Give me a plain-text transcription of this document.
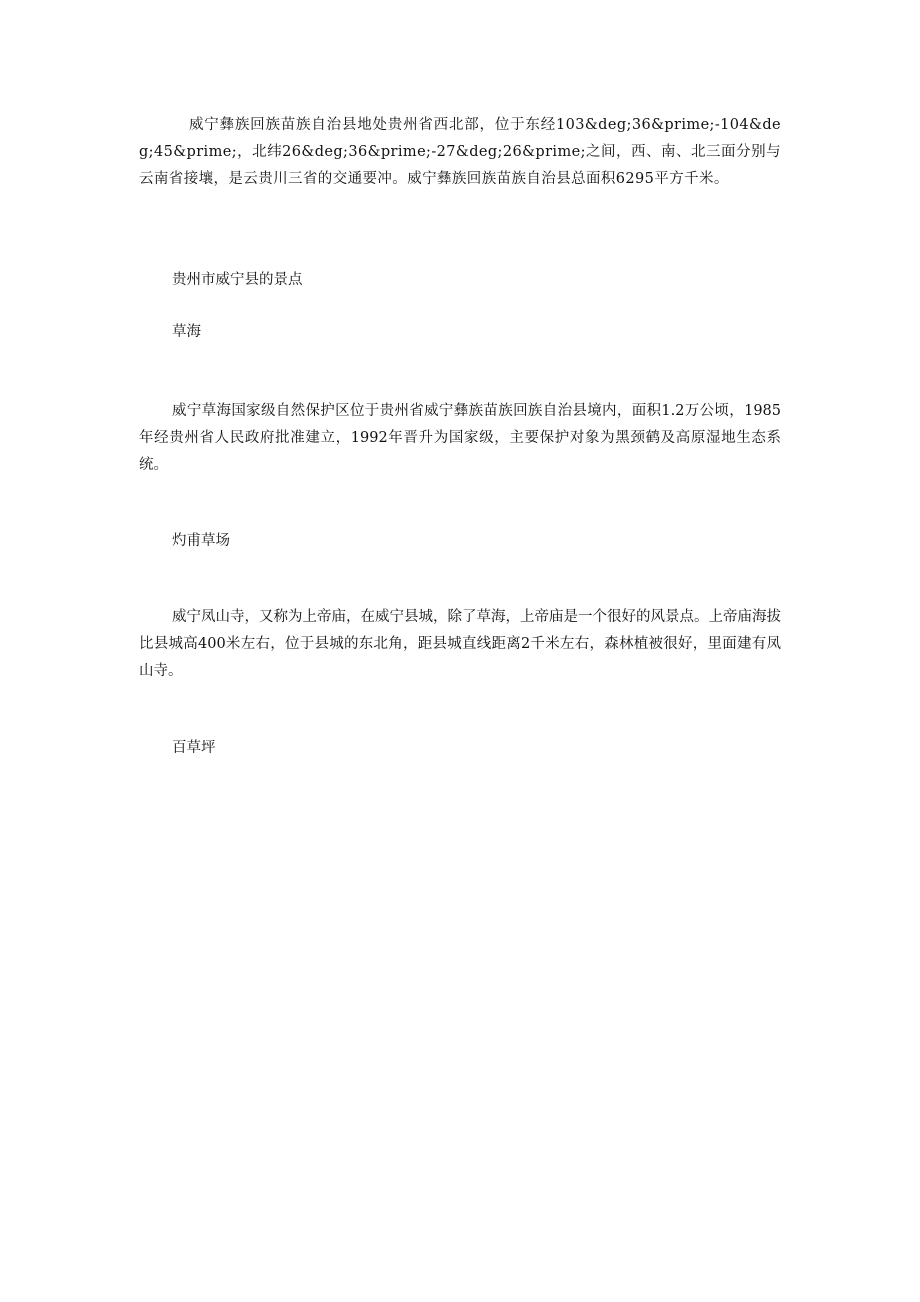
威宁彝族回族苗族自治县地处贵州省西北部，位于东经103&deg;36&prime;-104&deg;45&prime;，北纬26&deg;36&prime;-27&deg;26&prime;之间，西、南、北三面分别与云南省接壤，是云贵川三省的交通要冲。威宁彝族回族苗族自治县总面积6295平方千米。

贵州市威宁县的景点

草海

威宁草海国家级自然保护区位于贵州省威宁彝族苗族回族自治县境内，面积1.2万公顷，1985年经贵州省人民政府批准建立，1992年晋升为国家级，主要保护对象为黑颈鹤及高原湿地生态系统。

灼甫草场

威宁凤山寺，又称为上帝庙，在威宁县城，除了草海，上帝庙是一个很好的风景点。上帝庙海拔比县城高400米左右，位于县城的东北角，距县城直线距离2千米左右，森林植被很好，里面建有凤山寺。

百草坪
